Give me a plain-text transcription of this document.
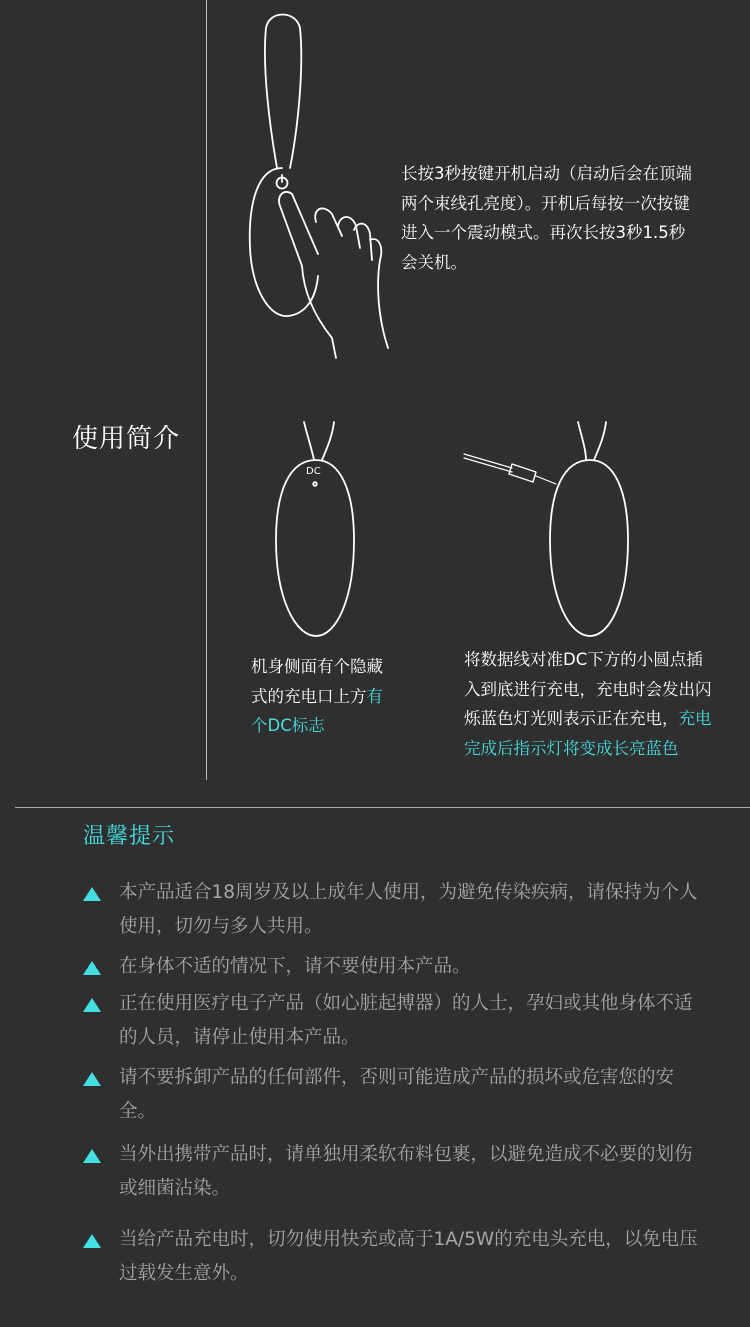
使用简介
长按3秒按键开机启动（启动后会在顶端两个束线孔亮度）。开机后每按一次按键进入一个震动模式。再次长按3秒1.5秒会关机。
DC
机身侧面有个隐藏式的充电口上方有个DC标志
将数据线对准DC下方的小圆点插入到底进行充电，充电时会发出闪烁蓝色灯光则表示正在充电，充电完成后指示灯将变成长亮蓝色
温馨提示
本产品适合18周岁及以上成年人使用，为避免传染疾病，请保持为个人使用，切勿与多人共用。
在身体不适的情况下，请不要使用本产品。
正在使用医疗电子产品（如心脏起搏器）的人士，孕妇或其他身体不适的人员，请停止使用本产品。
请不要拆卸产品的任何部件，否则可能造成产品的损坏或危害您的安全。
当外出携带产品时，请单独用柔软布料包裹，以避免造成不必要的划伤或细菌沾染。
当给产品充电时，切勿使用快充或高于1A/5W的充电头充电，以免电压过载发生意外。
